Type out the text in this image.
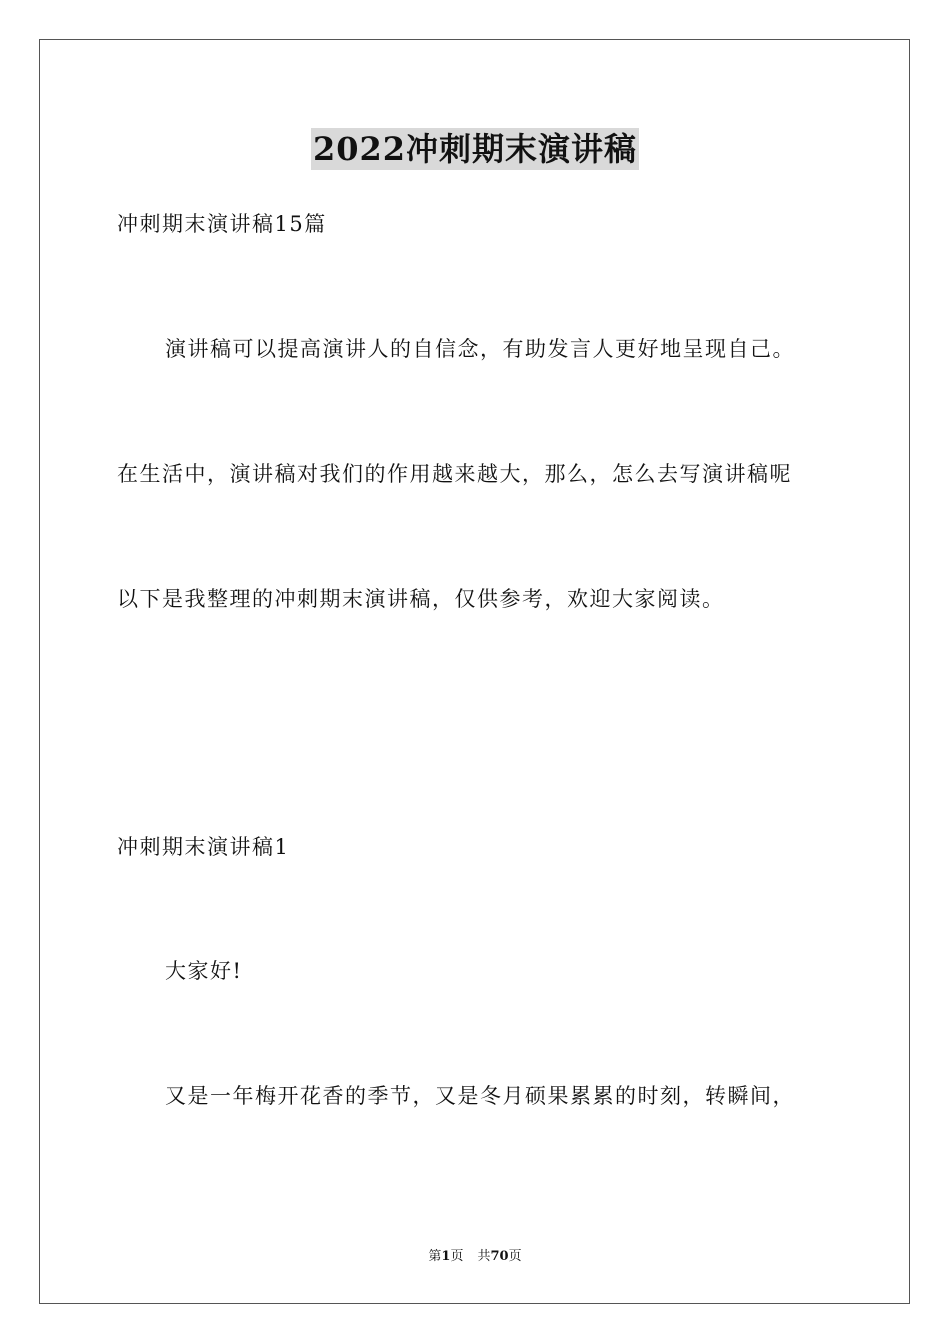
2022冲刺期末演讲稿

冲刺期末演讲稿15篇

演讲稿可以提高演讲人的自信念，有助发言人更好地呈现自己。

在生活中，演讲稿对我们的作用越来越大，那么，怎么去写演讲稿呢

以下是我整理的冲刺期末演讲稿，仅供参考，欢迎大家阅读。

冲刺期末演讲稿1

大家好!

又是一年梅开花香的季节，又是冬月硕果累累的时刻，转瞬间，

第1页 共70页
